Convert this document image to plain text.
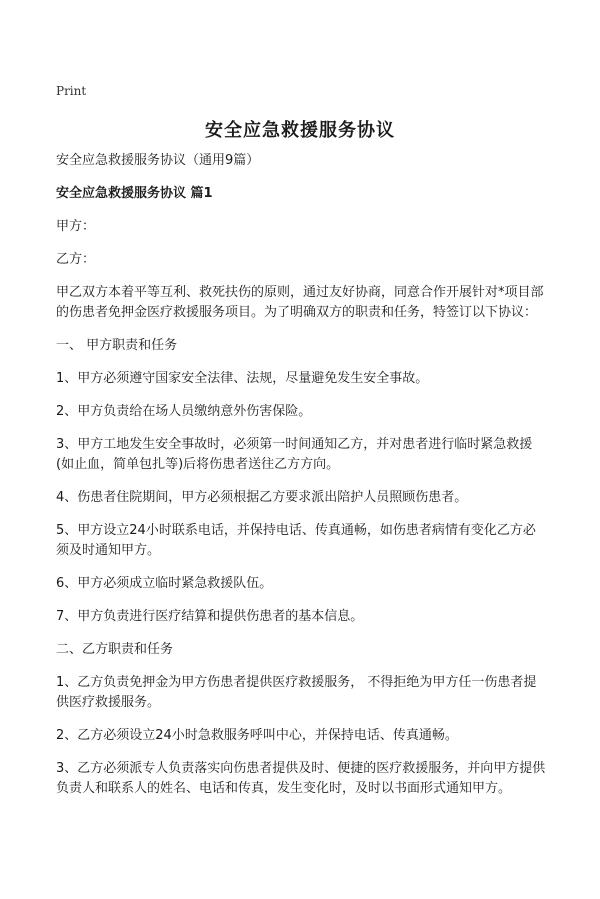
Print
安全应急救援服务协议

安全应急救援服务协议（通用9篇）

安全应急救援服务协议 篇1

甲方：

乙方：

甲乙双方本着平等互利、救死扶伤的原则，通过友好协商，同意合作开展针对*项目部的伤患者免押金医疗救援服务项目。为了明确双方的职责和任务，特签订以下协议：

一、 甲方职责和任务

1、甲方必须遵守国家安全法律、法规，尽量避免发生安全事故。

2、甲方负责给在场人员缴纳意外伤害保险。

3、甲方工地发生安全事故时，必须第一时间通知乙方，并对患者进行临时紧急救援(如止血，简单包扎等)后将伤患者送往乙方方向。

4、伤患者住院期间，甲方必须根据乙方要求派出陪护人员照顾伤患者。

5、甲方设立24小时联系电话，并保持电话、传真通畅，如伤患者病情有变化乙方必须及时通知甲方。

6、甲方必须成立临时紧急救援队伍。

7、甲方负责进行医疗结算和提供伤患者的基本信息。

二、乙方职责和任务

1、乙方负责免押金为甲方伤患者提供医疗救援服务， 不得拒绝为甲方任一伤患者提供医疗救援服务。

2、乙方必须设立24小时急救服务呼叫中心，并保持电话、传真通畅。

3、乙方必须派专人负责落实向伤患者提供及时、便捷的医疗救援服务，并向甲方提供负责人和联系人的姓名、电话和传真，发生变化时，及时以书面形式通知甲方。
